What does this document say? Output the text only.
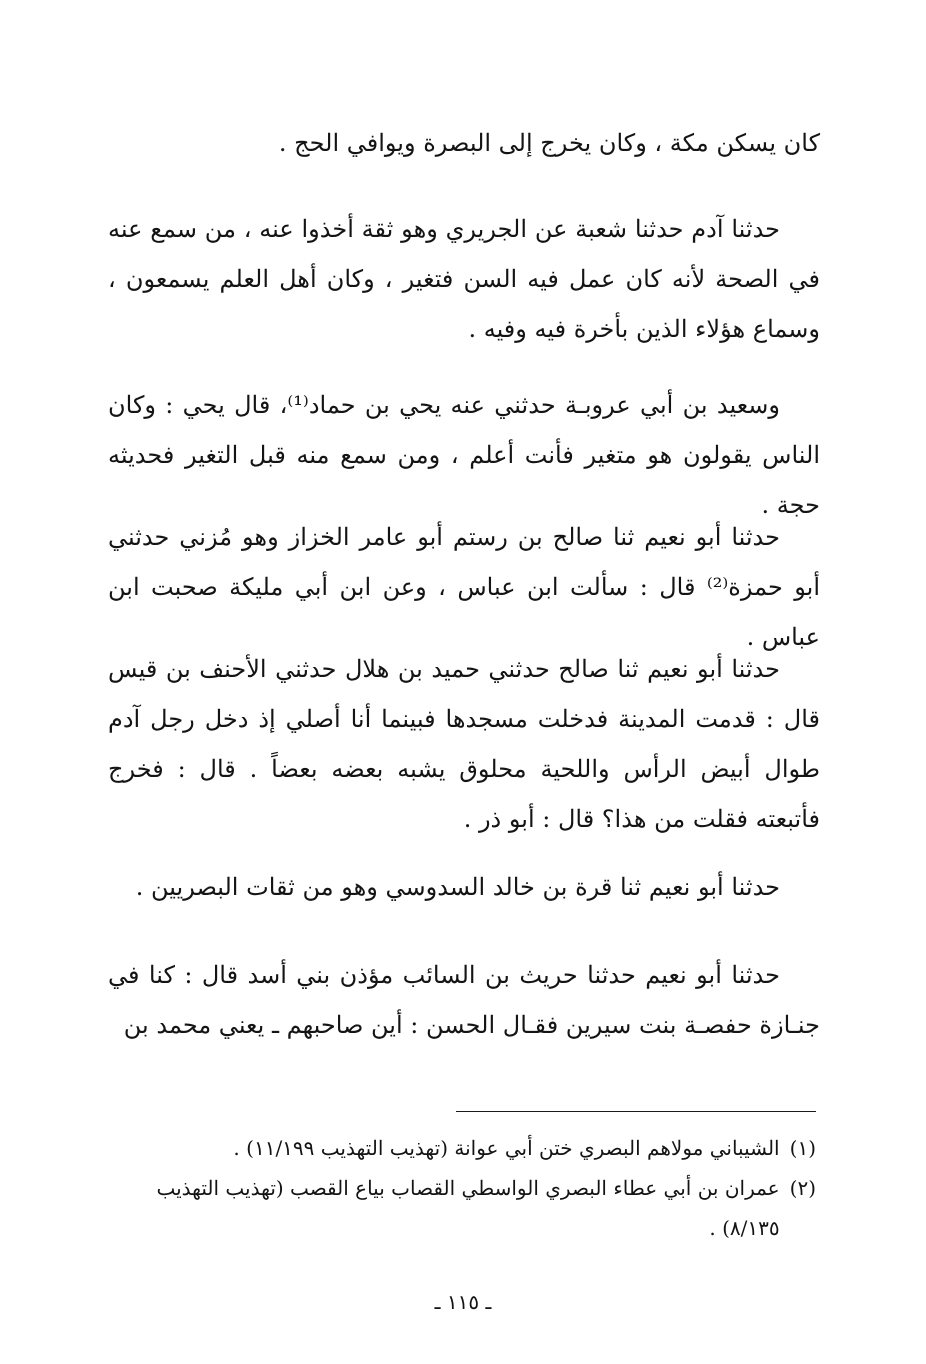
كان يسكن مكة ، وكان يخرج إلى البصرة ويوافي الحج .

حدثنا آدم حدثنا شعبة عن الجريري وهو ثقة أخذوا عنه ، من سمع عنه في الصحة لأنه كان عمل فيه السن فتغير ، وكان أهل العلم يسمعون ، وسماع هؤلاء الذين بأخرة فيه وفيه .

وسعيد بن أبي عروبـة حدثني عنه يحي بن حماد⁽¹⁾، قال يحي : وكان الناس يقولون هو متغير فأنت أعلم ، ومن سمع منه قبل التغير فحديثه حجة .

حدثنا أبو نعيم ثنا صالح بن رستم أبو عامر الخزاز وهو مُزني حدثني أبو حمزة⁽²⁾ قال : سألت ابن عباس ، وعن ابن أبي مليكة صحبت ابن عباس .

حدثنا أبو نعيم ثنا صالح حدثني حميد بن هلال حدثني الأحنف بن قيس قال : قدمت المدينة فدخلت مسجدها فبينما أنا أصلي إذ دخل رجل آدم طوال أبيض الرأس واللحية محلوق يشبه بعضه بعضاً . قال : فخرج فأتبعته فقلت من هذا؟ قال : أبو ذر .

حدثنا أبو نعيم ثنا قرة بن خالد السدوسي وهو من ثقات البصريين .

حدثنا أبو نعيم حدثنا حريث بن السائب مؤذن بني أسد قال : كنا في جنـازة حفصـة بنت سيرين فقـال الحسن : أين صاحبهم ـ يعني محمد بن

(١)
الشيباني مولاهم البصري ختن أبي عوانة (تهذيب التهذيب ١١/١٩٩) .
(٢)
عمران بن أبي عطاء البصري الواسطي القصاب بياع القصب (تهذيب التهذيب ٨/١٣٥) .
ـ ١١٥ ـ
